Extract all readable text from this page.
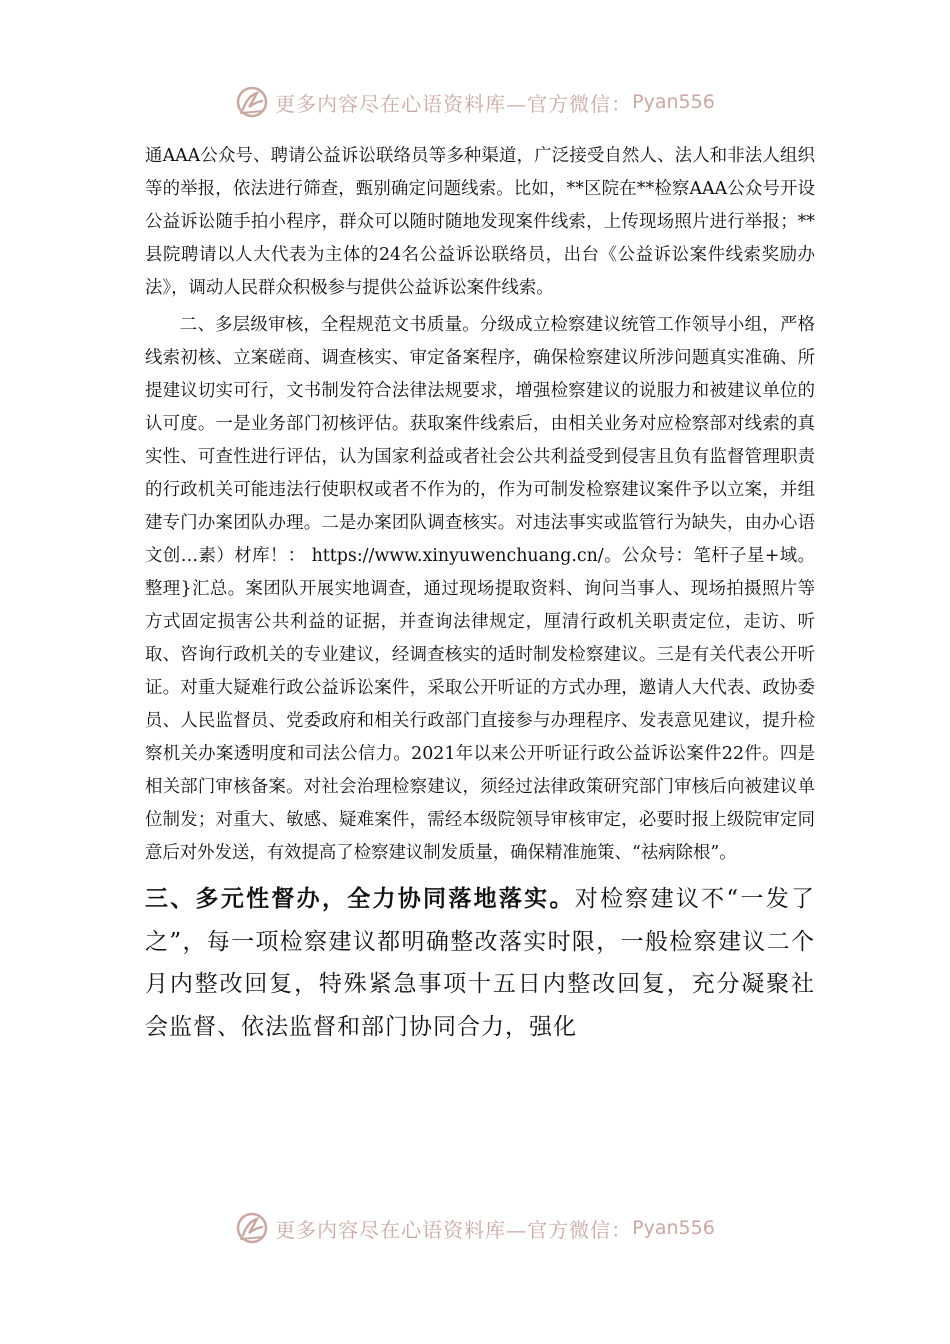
更多内容尽在心语资料库—官方微信： Pyan556

通AAA公众号、聘请公益诉讼联络员等多种渠道，广泛接受自然人、法人和非法人组织等的举报，依法进行筛查，甄别确定问题线索。比如，**区院在**检察AAA公众号开设公益诉讼随手拍小程序，群众可以随时随地发现案件线索，上传现场照片进行举报；**县院聘请以人大代表为主体的24名公益诉讼联络员，出台《公益诉讼案件线索奖励办法》，调动人民群众积极参与提供公益诉讼案件线索。

二、多层级审核，全程规范文书质量。分级成立检察建议统管工作领导小组，严格线索初核、立案磋商、调查核实、审定备案程序，确保检察建议所涉问题真实准确、所提建议切实可行，文书制发符合法律法规要求，增强检察建议的说服力和被建议单位的认可度。一是业务部门初核评估。获取案件线索后，由相关业务对应检察部对线索的真实性、可查性进行评估，认为国家利益或者社会公共利益受到侵害且负有监督管理职责的行政机关可能违法行使职权或者不作为的，作为可制发检察建议案件予以立案，并组建专门办案团队办理。二是办案团队调查核实。对违法事实或监管行为缺失，由办心语文创…素）材库！： https://www.xinyuwenchuang.cn/。公众号：笔杆子星+域。整理}汇总。案团队开展实地调查，通过现场提取资料、询问当事人、现场拍摄照片等方式固定损害公共利益的证据，并查询法律规定，厘清行政机关职责定位，走访、听取、咨询行政机关的专业建议，经调查核实的适时制发检察建议。三是有关代表公开听证。对重大疑难行政公益诉讼案件，采取公开听证的方式办理，邀请人大代表、政协委员、人民监督员、党委政府和相关行政部门直接参与办理程序、发表意见建议，提升检察机关办案透明度和司法公信力。2021年以来公开听证行政公益诉讼案件22件。四是相关部门审核备案。对社会治理检察建议，须经过法律政策研究部门审核后向被建议单位制发；对重大、敏感、疑难案件，需经本级院领导审核审定，必要时报上级院审定同意后对外发送，有效提高了检察建议制发质量，确保精准施策、“祛病除根”。

三、多元性督办，全力协同落地落实。对检察建议不“一发了之”，每一项检察建议都明确整改落实时限，一般检察建议二个月内整改回复，特殊紧急事项十五日内整改回复，充分凝聚社会监督、依法监督和部门协同合力，强化
更多内容尽在心语资料库—官方微信： Pyan556
